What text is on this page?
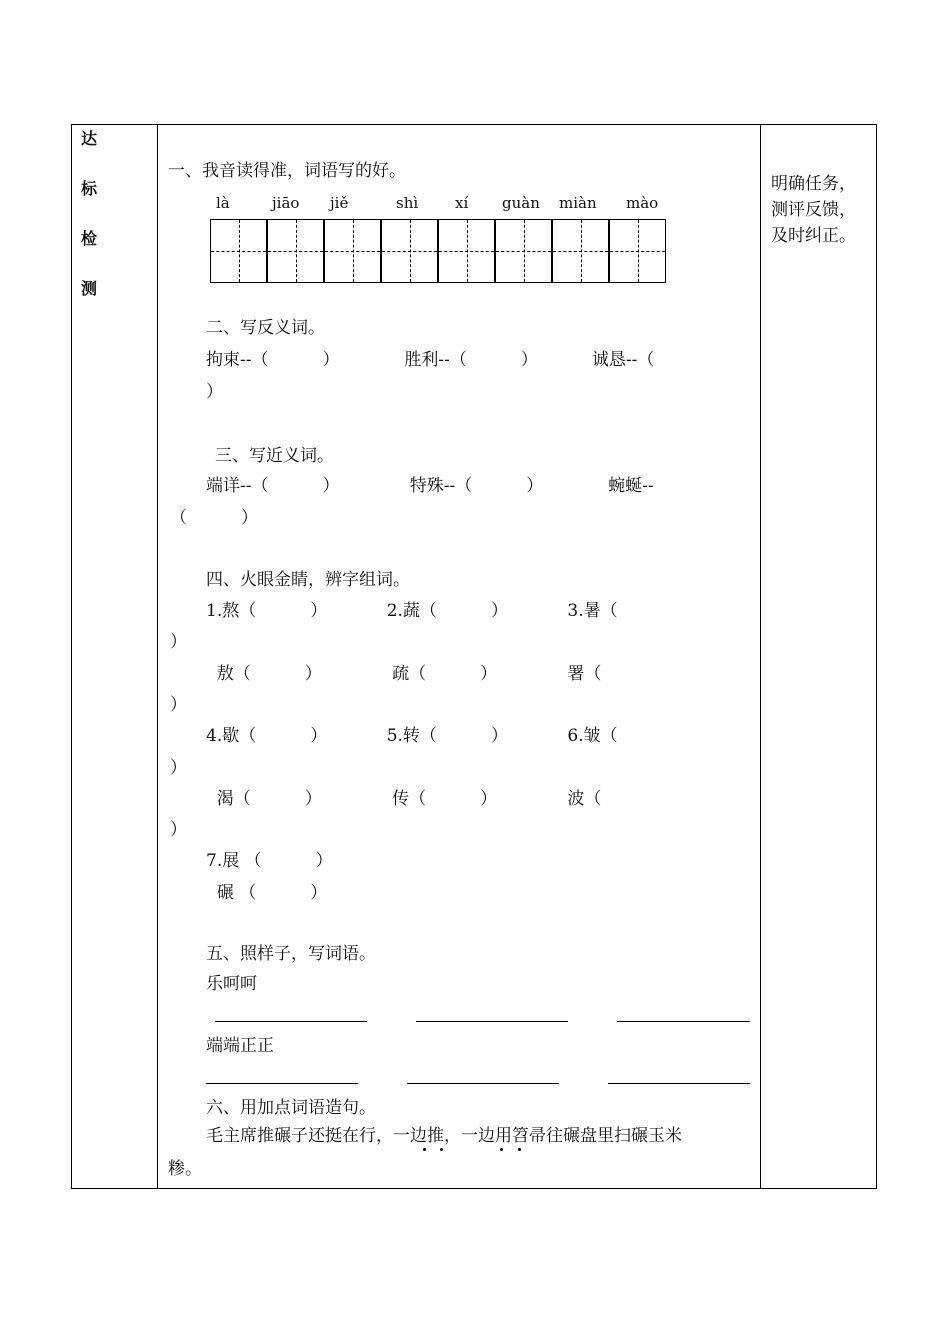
达
标
检
测
明确任务，
测评反馈，
及时纠正。
一、我音读得准，词语写的好。
là	jiāo jiě	shì xí guàn miàn mào
二、写反义词。
拘束--（          ）            胜利--（          ）          诚恳--（
）
三、写近义词。
端详--（          ）             特殊--（          ）            蜿蜒--
（          ）
四、火眼金睛，辨字组词。
1.熬（          ）           2.蔬（          ）           3.暑（
）
敖（          ）             疏（          ）             署（
）
4.歇（          ）           5.转（          ）           6.皱（
）
渴（          ）             传（          ）             波（
）
7.展 （          ）
碾 （          ）
五、照样子，写词语。
乐呵呵
端端正正
六、用加点词语造句。
毛主席推碾子还挺在行，一边推，一边用笤帚往碾盘里扫碾玉米
糁。
